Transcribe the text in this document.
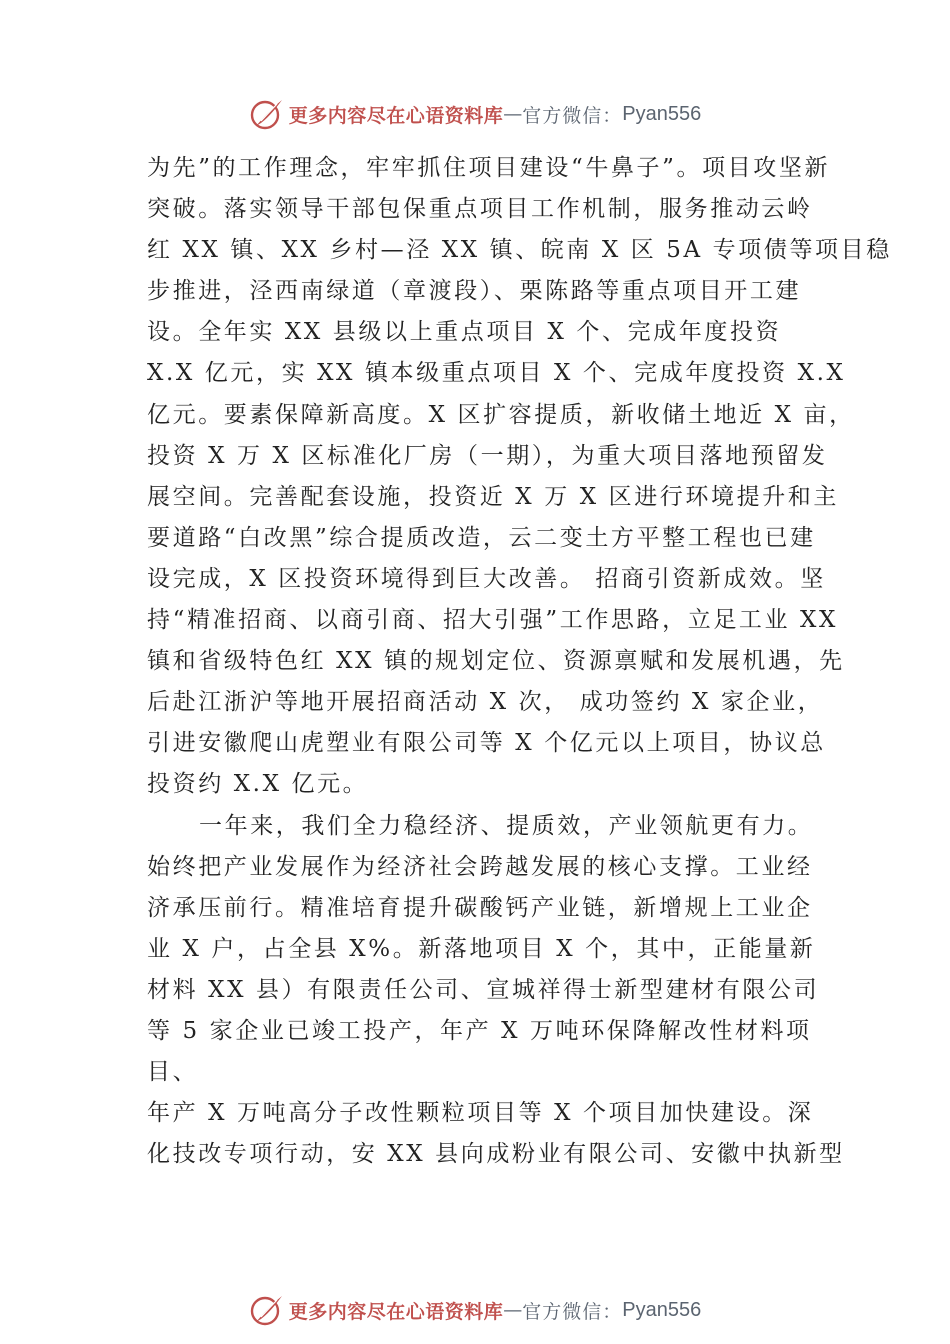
更多内容尽在心语资料库 — 官方微信： Pyan556
为先”的工作理念，牢牢抓住项目建设“牛鼻子”。项目攻坚新
突破。落实领导干部包保重点项目工作机制，服务推动云岭
红 XX 镇、XX 乡村—泾 XX 镇、皖南 X 区 5A 专项债等项目稳
步推进，泾西南绿道（章渡段）、栗陈路等重点项目开工建
设。全年实 XX 县级以上重点项目 X 个、完成年度投资
X.X 亿元，实 XX 镇本级重点项目 X 个、完成年度投资 X.X
亿元。要素保障新高度。X 区扩容提质，新收储土地近 X 亩，
投资 X 万 X 区标准化厂房（一期），为重大项目落地预留发
展空间。完善配套设施，投资近 X 万 X 区进行环境提升和主
要道路“白改黑”综合提质改造，云二变土方平整工程也已建
设完成，X 区投资环境得到巨大改善。 招商引资新成效。坚
持“精准招商、以商引商、招大引强”工作思路，立足工业 XX
镇和省级特色红 XX 镇的规划定位、资源禀赋和发展机遇，先
后赴江浙沪等地开展招商活动 X 次， 成功签约 X 家企业，
引进安徽爬山虎塑业有限公司等 X 个亿元以上项目，协议总
投资约 X.X 亿元。
一年来，我们全力稳经济、提质效，产业领航更有力。
始终把产业发展作为经济社会跨越发展的核心支撑。工业经
济承压前行。精准培育提升碳酸钙产业链，新增规上工业企
业 X 户，占全县 X%。新落地项目 X 个，其中，正能量新
材料 XX 县）有限责任公司、宣城祥得士新型建材有限公司
等 5 家企业已竣工投产，年产 X 万吨环保降解改性材料项
目、
年产 X 万吨高分子改性颗粒项目等 X 个项目加快建设。深
化技改专项行动，安 XX 县向成粉业有限公司、安徽中执新型
更多内容尽在心语资料库 — 官方微信： Pyan556
